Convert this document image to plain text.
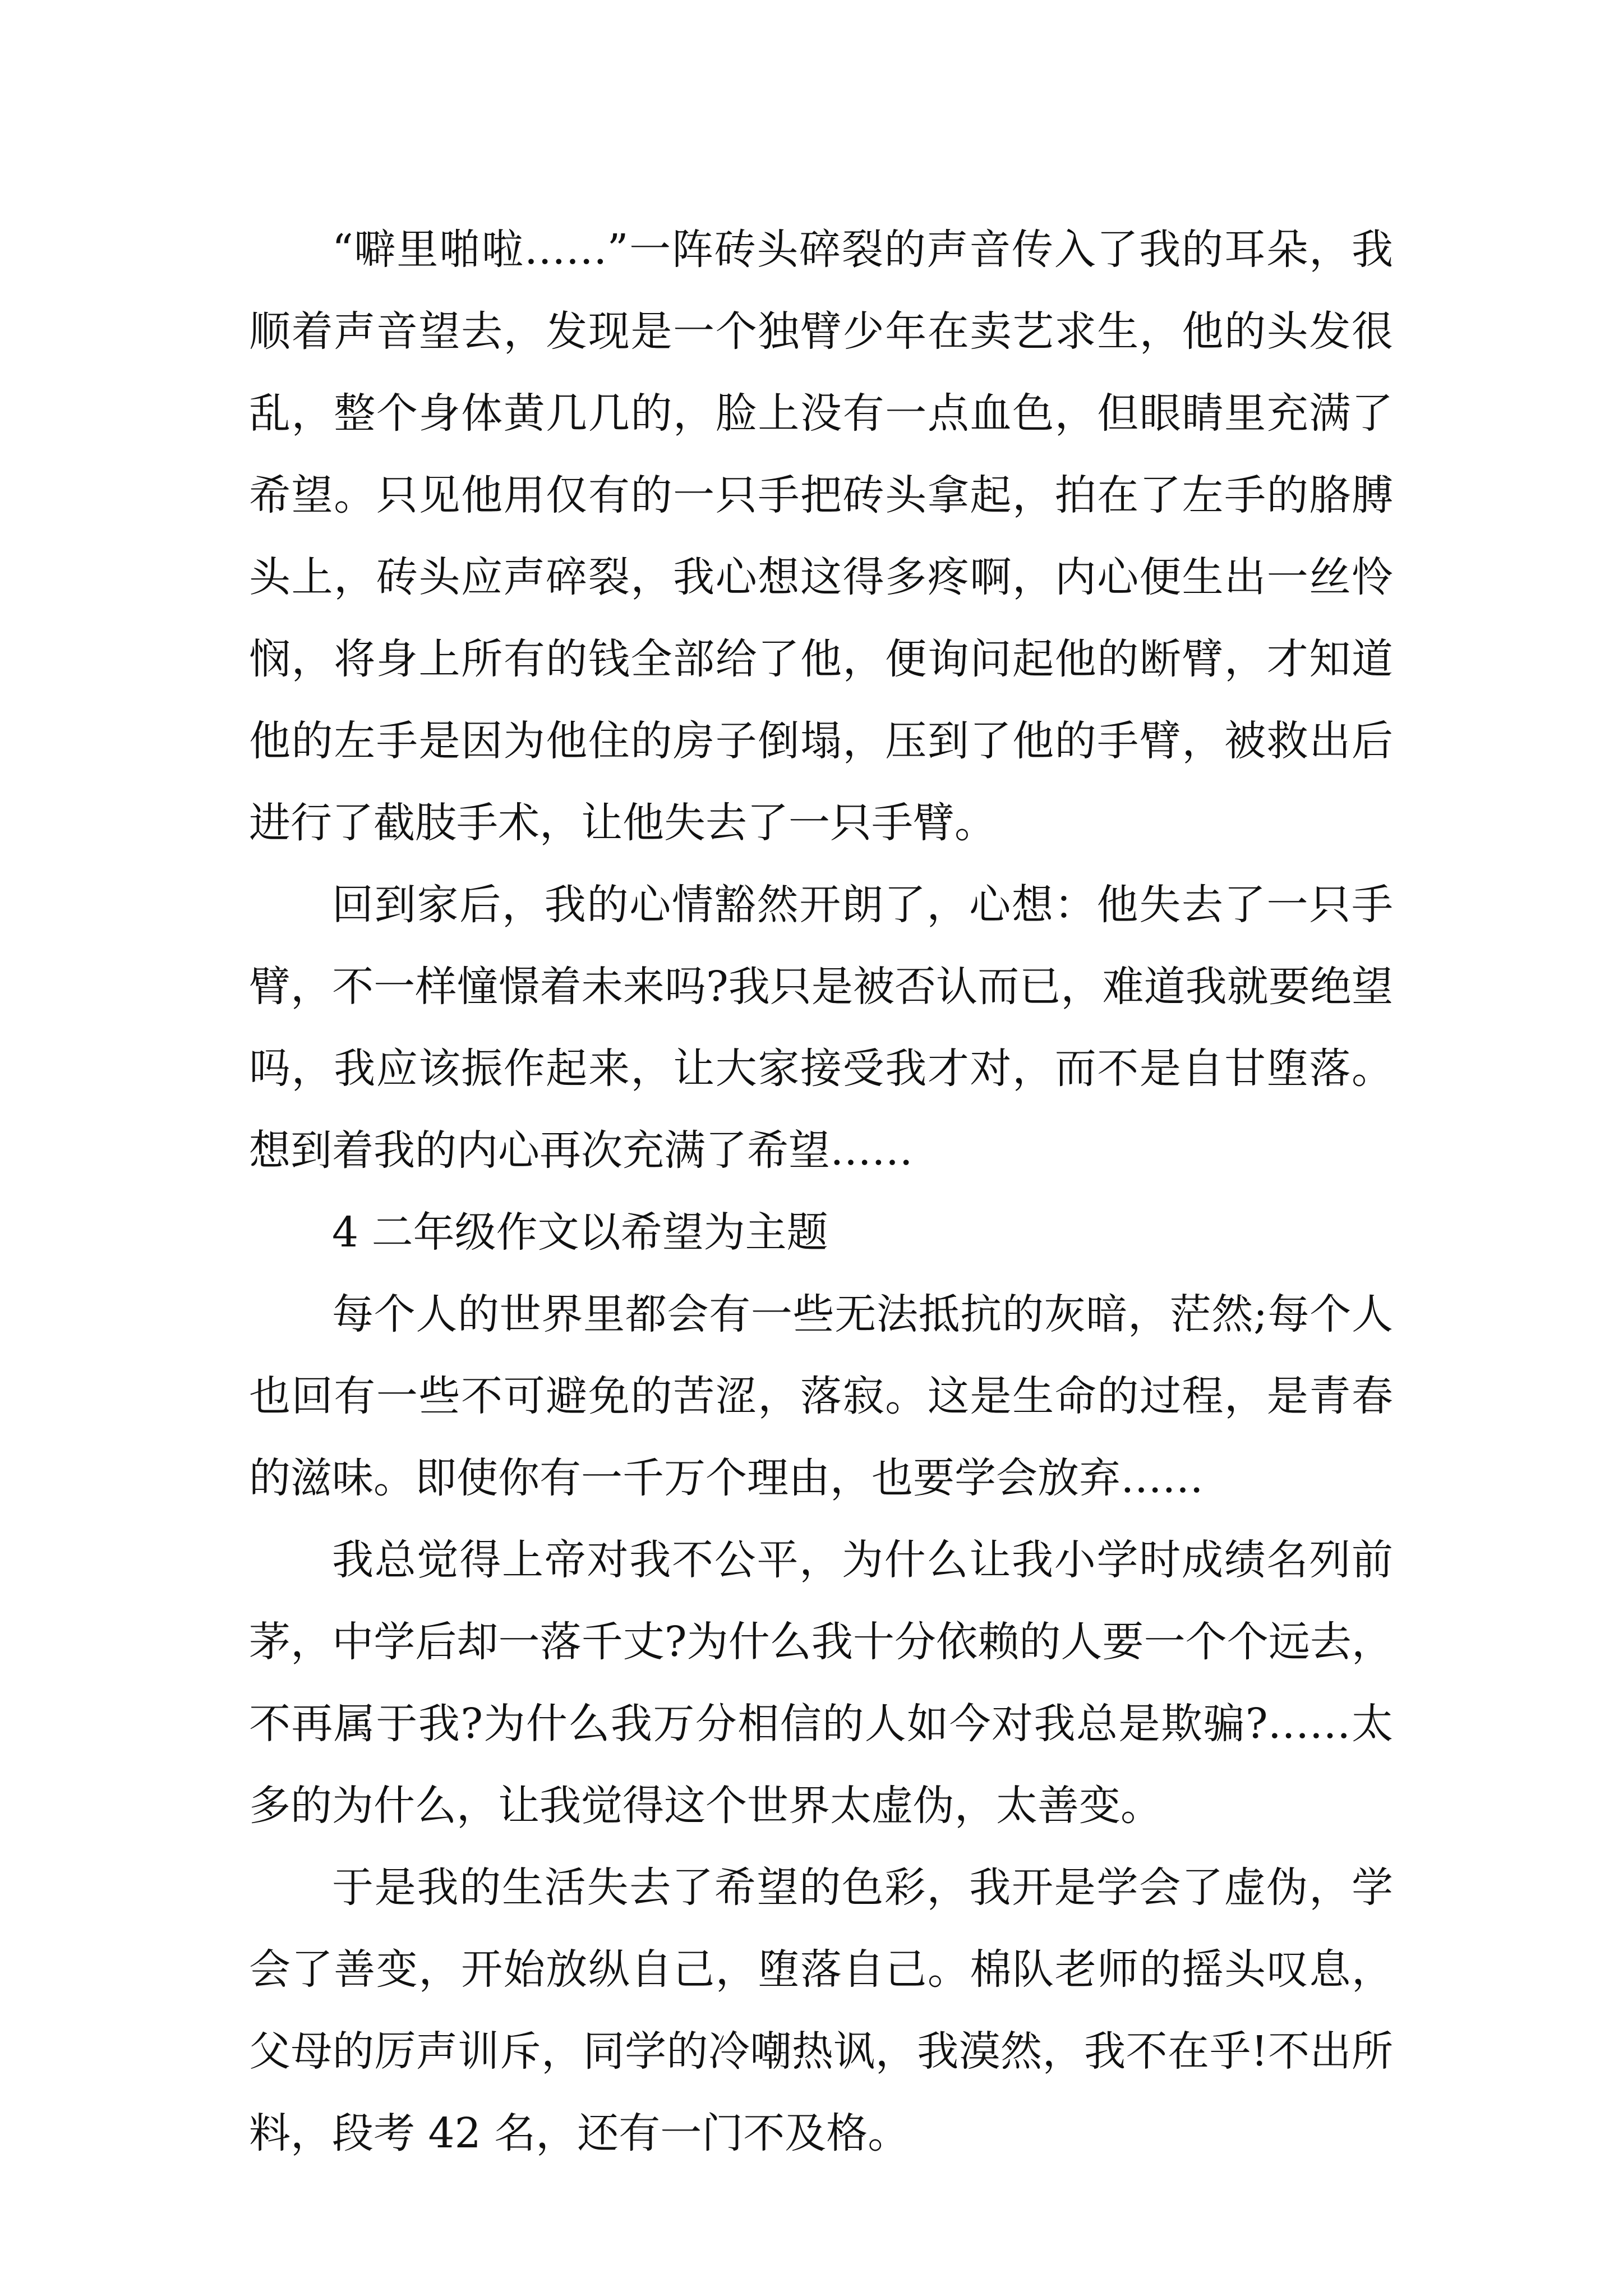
“噼里啪啦……”一阵砖头碎裂的声音传入了我的耳朵，我顺着声音望去，发现是一个独臂少年在卖艺求生，他的头发很乱，整个身体黄几几的，脸上没有一点血色，但眼睛里充满了希望。只见他用仅有的一只手把砖头拿起，拍在了左手的胳膊头上，砖头应声碎裂，我心想这得多疼啊，内心便生出一丝怜悯，将身上所有的钱全部给了他，便询问起他的断臂，才知道他的左手是因为他住的房子倒塌，压到了他的手臂，被救出后进行了截肢手术，让他失去了一只手臂。

回到家后，我的心情豁然开朗了，心想：他失去了一只手臂，不一样憧憬着未来吗?我只是被否认而已，难道我就要绝望吗，我应该振作起来，让大家接受我才对，而不是自甘堕落。想到着我的内心再次充满了希望……

4 二年级作文以希望为主题

每个人的世界里都会有一些无法抵抗的灰暗，茫然;每个人也回有一些不可避免的苦涩，落寂。这是生命的过程，是青春的滋味。即使你有一千万个理由，也要学会放弃……

我总觉得上帝对我不公平，为什么让我小学时成绩名列前茅，中学后却一落千丈?为什么我十分依赖的人要一个个远去，不再属于我?为什么我万分相信的人如今对我总是欺骗?……太多的为什么，让我觉得这个世界太虚伪，太善变。

于是我的生活失去了希望的色彩，我开是学会了虚伪，学会了善变，开始放纵自己，堕落自己。棉队老师的摇头叹息，父母的厉声训斥，同学的冷嘲热讽，我漠然，我不在乎!不出所料，段考 42 名，还有一门不及格。
